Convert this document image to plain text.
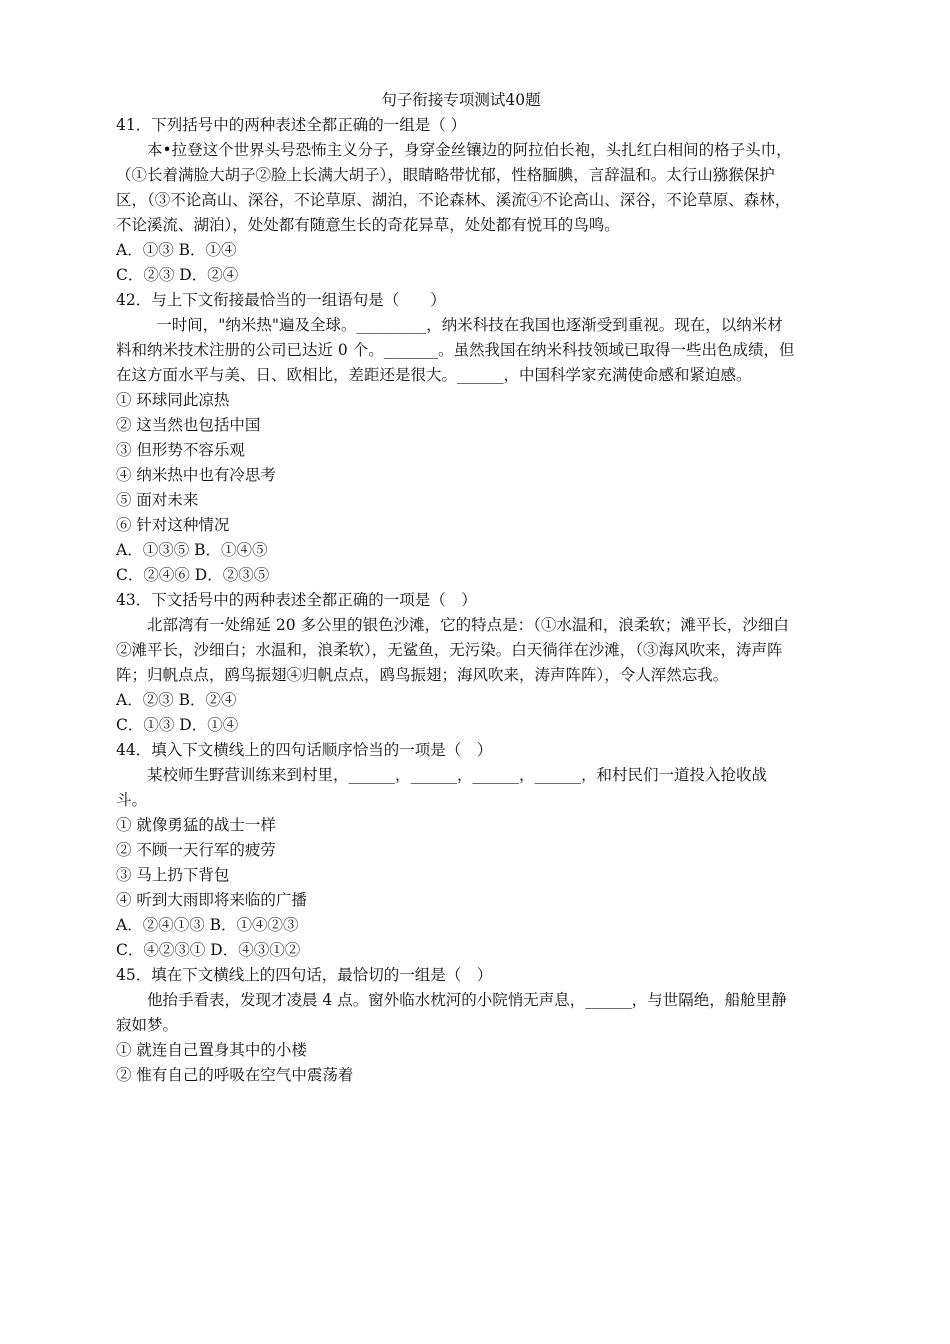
句子衔接专项测试40题

41．下列括号中的两种表述全都正确的一组是（ ）

本•拉登这个世界头号恐怖主义分子，身穿金丝镶边的阿拉伯长袍，头扎红白相间的格子头巾，（①长着满脸大胡子②脸上长满大胡子），眼睛略带忧郁，性格腼腆，言辞温和。太行山猕猴保护区，（③不论高山、深谷，不论草原、湖泊，不论森林、溪流④不论高山、深谷，不论草原、森林，不论溪流、湖泊），处处都有随意生长的奇花异草，处处都有悦耳的鸟鸣。

A．①③ B．①④

C．②③ D．②④

42．与上下文衔接最恰当的一组语句是（　　）

一时间，"纳米热"遍及全球。_________，纳米科技在我国也逐渐受到重视。现在，以纳米材料和纳米技术注册的公司已达近 0 个。_______。虽然我国在纳米科技领域已取得一些出色成绩，但在这方面水平与美、日、欧相比，差距还是很大。______，中国科学家充满使命感和紧迫感。

① 环球同此凉热

② 这当然也包括中国

③ 但形势不容乐观

④ 纳米热中也有冷思考

⑤ 面对未来

⑥ 针对这种情况

A．①③⑤ B．①④⑤

C．②④⑥ D．②③⑤

43．下文括号中的两种表述全都正确的一项是（　）

北部湾有一处绵延 20 多公里的银色沙滩，它的特点是：（①水温和，浪柔软；滩平长，沙细白②滩平长，沙细白；水温和，浪柔软），无鲨鱼，无污染。白天徜徉在沙滩，（③海风吹来，涛声阵阵；归帆点点，鸥鸟振翅④归帆点点，鸥鸟振翅；海风吹来，涛声阵阵），令人浑然忘我。

A．②③ B．②④

C．①③ D．①④

44．填入下文横线上的四句话顺序恰当的一项是（　）

某校师生野营训练来到村里，______，______，______，______，和村民们一道投入抢收战斗。

① 就像勇猛的战士一样

② 不顾一天行军的疲劳

③ 马上扔下背包

④ 听到大雨即将来临的广播

A．②④①③ B．①④②③

C．④②③① D．④③①②

45．填在下文横线上的四句话，最恰切的一组是（　）

他抬手看表，发现才凌晨 4 点。窗外临水枕河的小院悄无声息，______，与世隔绝，船舱里静寂如梦。

① 就连自己置身其中的小楼

② 惟有自己的呼吸在空气中震荡着
